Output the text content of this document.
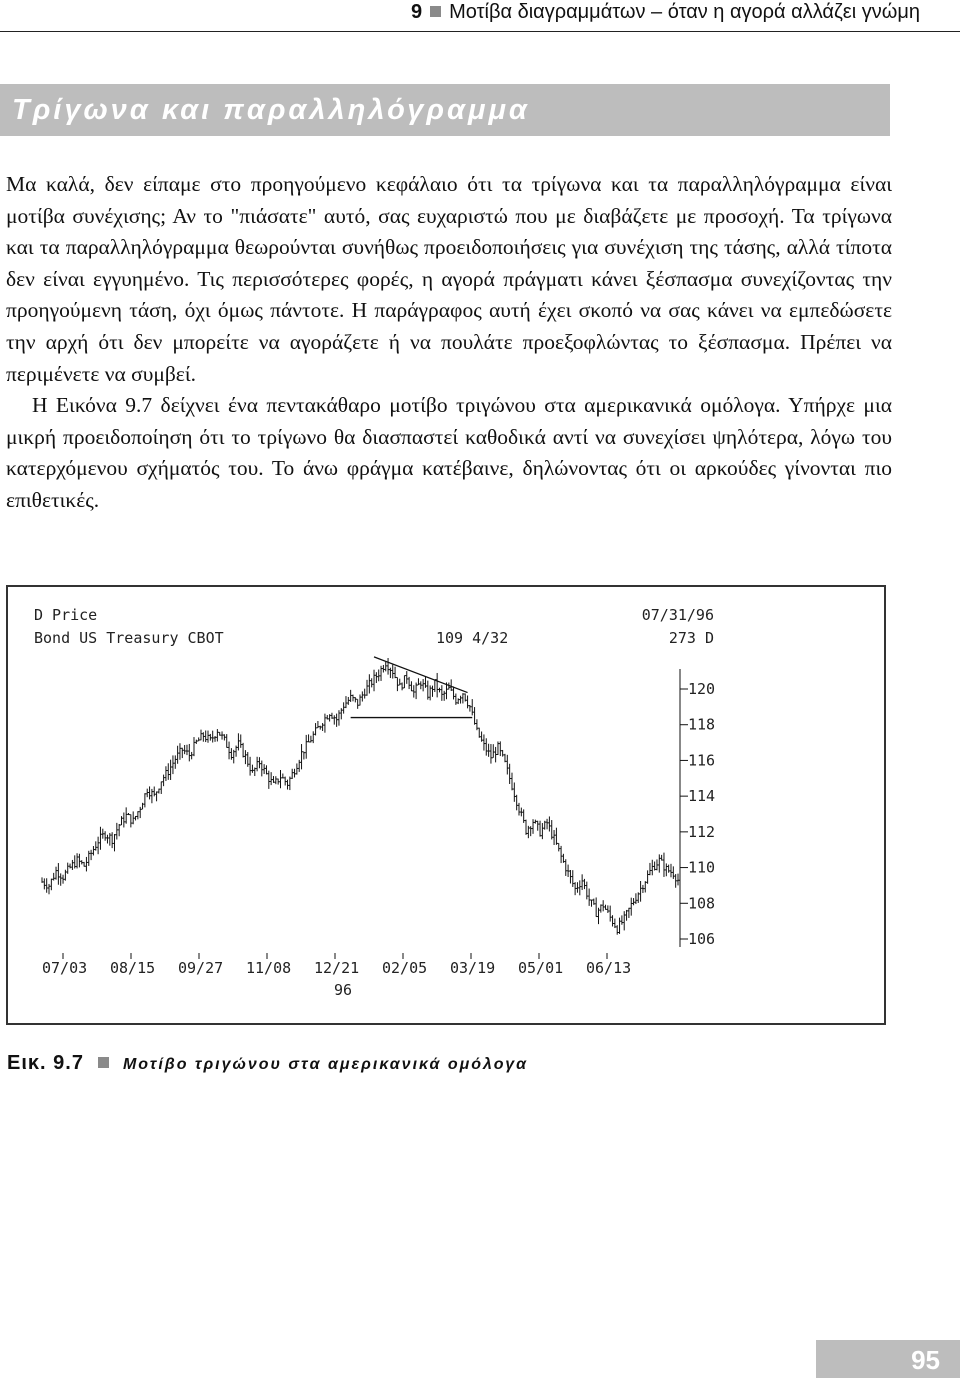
9 Μοτίβα διαγραμμάτων – όταν η αγορά αλλάζει γνώμη
Τρίγωνα και παραλληλόγραμμα

Μα καλά, δεν είπαμε στο προηγούμενο κεφάλαιο ότι τα τρίγωνα και τα παραλληλόγραμμα είναι μοτίβα συνέχισης; Αν το "πιάσατε" αυτό, σας ευχαριστώ που με διαβάζετε με προσοχή. Τα τρίγωνα και τα παραλληλόγραμμα θεωρούνται συνήθως προειδοποιήσεις για συνέχιση της τάσης, αλλά τίποτα δεν είναι εγγυημένο. Τις περισσότερες φορές, η αγορά πράγματι κάνει ξέσπασμα συνεχίζοντας την προηγούμενη τάση, όχι όμως πάντοτε. Η παράγραφος αυτή έχει σκοπό να σας κάνει να εμπεδώσετε την αρχή ότι δεν μπορείτε να αγοράζετε ή να πουλάτε προεξοφλώντας το ξέσπασμα. Πρέπει να περιμένετε να συμβεί.

Η Εικόνα 9.7 δείχνει ένα πεντακάθαρο μοτίβο τριγώνου στα αμερικανικά ομόλογα. Υπήρχε μια μικρή προειδοποίηση ότι το τρίγωνο θα διασπαστεί καθοδικά αντί να συνεχίσει ψηλότερα, λόγω του κατερχόμενου σχήματός του. Το άνω φράγμα κατέβαινε, δηλώνοντας ότι οι αρκούδες γίνονται πιο επιθετικές.

D Price	07/31/96
Bond US Treasury CBOT	109 4/32	273 D
120
118
116
114
112
110
108
106
07/03 08/15 09/27 11/08 12/21 02/05 03/19 05/01 06/13
96
Εικ. 9.7 Μοτίβο τριγώνου στα αμερικανικά ομόλογα
95
